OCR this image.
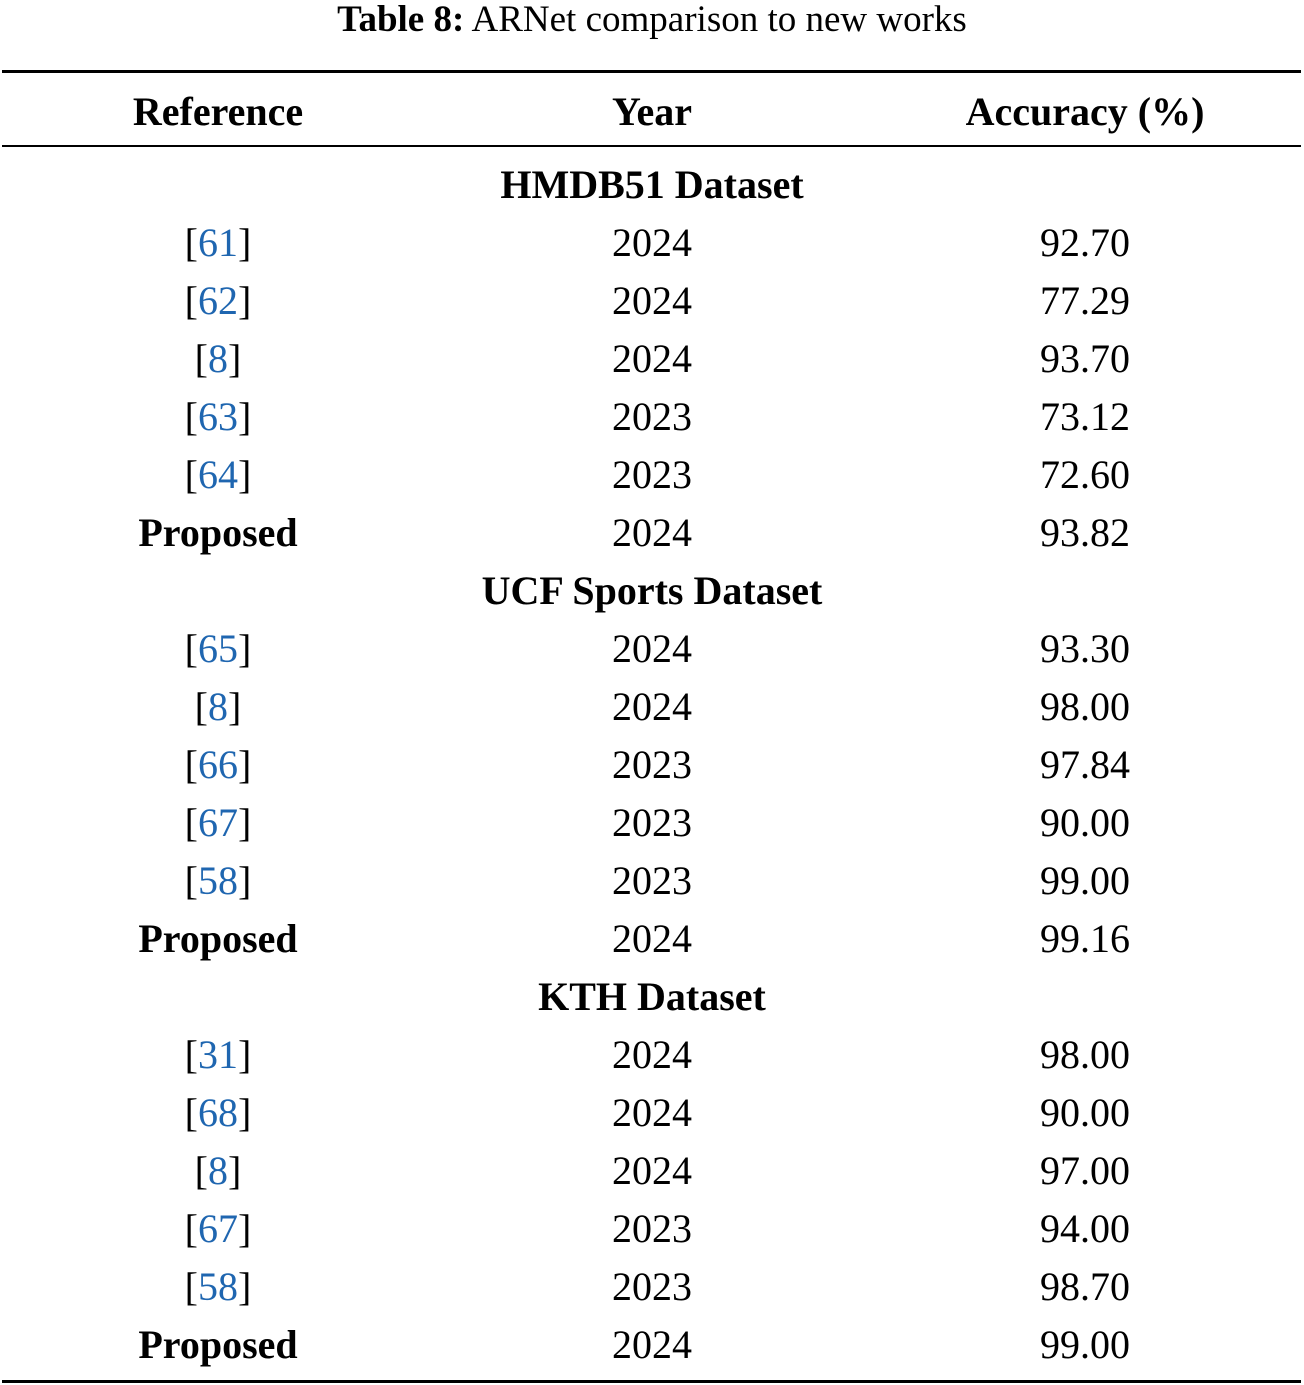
Table 8: ARNet comparison to new works
Reference	Year	Accuracy (%)
HMDB51 Dataset
[61]	2024	92.70
[62]	2024	77.29
[8]	2024	93.70
[63]	2023	73.12
[64]	2023	72.60
Proposed	2024	93.82
UCF Sports Dataset
[65]	2024	93.30
[8]	2024	98.00
[66]	2023	97.84
[67]	2023	90.00
[58]	2023	99.00
Proposed	2024	99.16
KTH Dataset
[31]	2024	98.00
[68]	2024	90.00
[8]	2024	97.00
[67]	2023	94.00
[58]	2023	98.70
Proposed	2024	99.00
